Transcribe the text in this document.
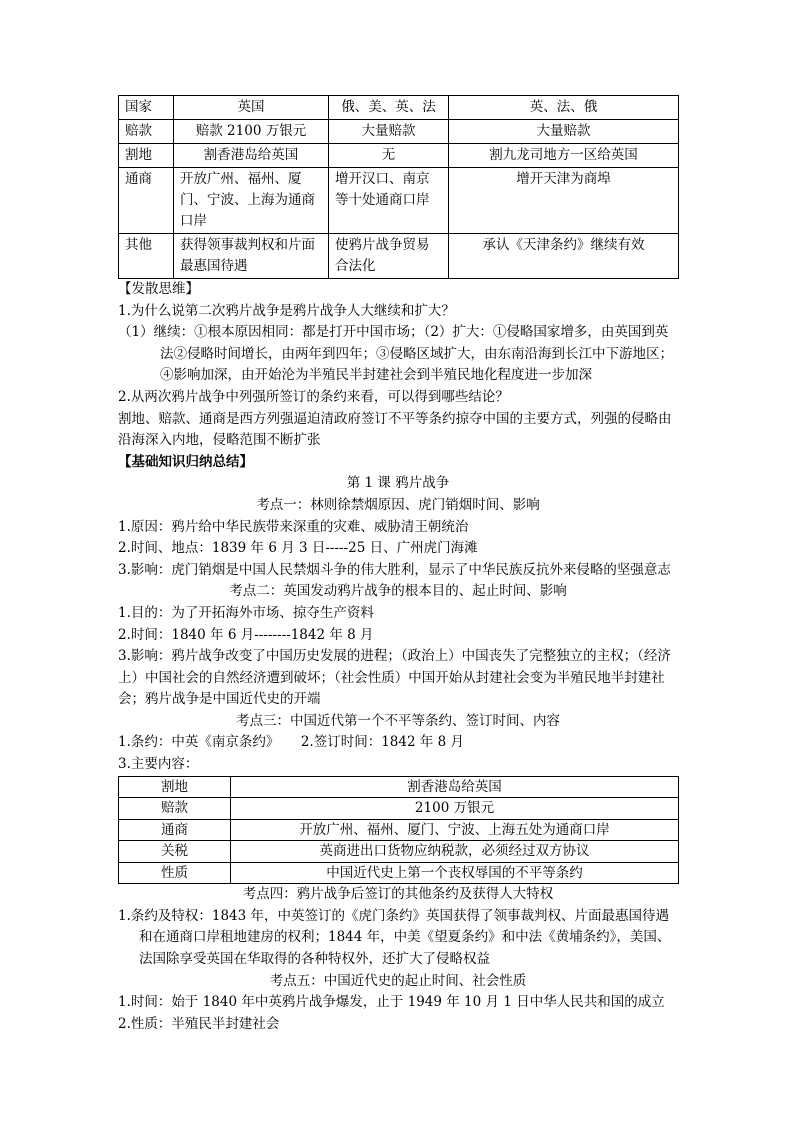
国家	英国	俄、美、英、法	英、法、俄
赔款	赔款 2100 万银元	大量赔款	大量赔款
割地	割香港岛给英国	无	割九龙司地方一区给英国
通商	开放广州、福州、厦门、宁波、上海为通商口岸	增开汉口、南京等十处通商口岸	增开天津为商埠
其他	获得领事裁判权和片面最惠国待遇	使鸦片战争贸易合法化	承认《天津条约》继续有效
【发散思维】
1.为什么说第二次鸦片战争是鸦片战争人大继续和扩大？
（1）继续：①根本原因相同：都是打开中国市场；（2）扩大：①侵略国家增多，由英国到英法②侵略时间增长，由两年到四年；③侵略区域扩大，由东南沿海到长江中下游地区；④影响加深，由开始沦为半殖民半封建社会到半殖民地化程度进一步加深
2.从两次鸦片战争中列强所签订的条约来看，可以得到哪些结论？
割地、赔款、通商是西方列强逼迫清政府签订不平等条约掠夺中国的主要方式，列强的侵略由沿海深入内地，侵略范围不断扩张
【基础知识归纳总结】
第 1 课 鸦片战争
考点一：林则徐禁烟原因、虎门销烟时间、影响
1.原因：鸦片给中华民族带来深重的灾难、威胁清王朝统治
2.时间、地点：1839 年 6 月 3 日-----25 日、广州虎门海滩
3.影响：虎门销烟是中国人民禁烟斗争的伟大胜利，显示了中华民族反抗外来侵略的坚强意志
考点二：英国发动鸦片战争的根本目的、起止时间、影响
1.目的：为了开拓海外市场、掠夺生产资料
2.时间：1840 年 6 月--------1842 年 8 月
3.影响：鸦片战争改变了中国历史发展的进程；（政治上）中国丧失了完整独立的主权；（经济上）中国社会的自然经济遭到破坏；（社会性质）中国开始从封建社会变为半殖民地半封建社会；鸦片战争是中国近代史的开端
考点三：中国近代第一个不平等条约、签订时间、内容
1.条约：中英《南京条约》     2.签订时间：1842 年 8 月
3.主要内容：
割地	割香港岛给英国
赔款	2100 万银元
通商	开放广州、福州、厦门、宁波、上海五处为通商口岸
关税	英商进出口货物应纳税款，必须经过双方协议
性质	中国近代史上第一个丧权辱国的不平等条约
考点四：鸦片战争后签订的其他条约及获得人大特权
1.条约及特权：1843 年，中英签订的《虎门条约》英国获得了领事裁判权、片面最惠国待遇和在通商口岸租地建房的权利；1844 年，中美《望夏条约》和中法《黄埔条约》，美国、法国除享受英国在华取得的各种特权外，还扩大了侵略权益
考点五：中国近代史的起止时间、社会性质
1.时间：始于 1840 年中英鸦片战争爆发，止于 1949 年 10 月 1 日中华人民共和国的成立
2.性质：半殖民半封建社会
